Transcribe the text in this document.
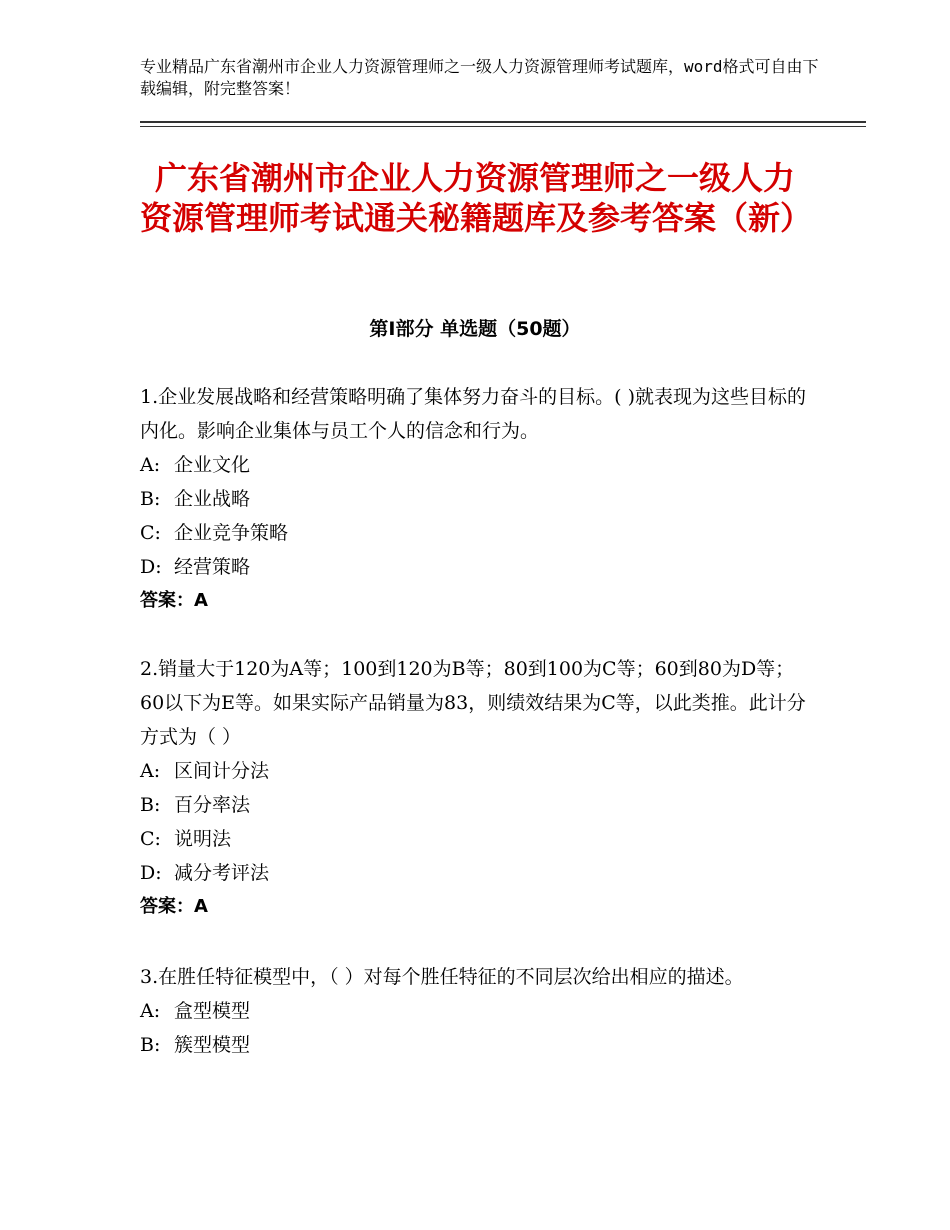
专业精品广东省潮州市企业人力资源管理师之一级人力资源管理师考试题库，word格式可自由下载编辑，附完整答案！
广东省潮州市企业人力资源管理师之一级人力资源管理师考试通关秘籍题库及参考答案（新）
第Ⅰ部分 单选题（50题）
1.企业发展战略和经营策略明确了集体努力奋斗的目标。( )就表现为这些目标的内化。影响企业集体与员工个人的信念和行为。
A: 企业文化
B: 企业战略
C: 企业竞争策略
D: 经营策略
答案：A
2.销量大于120为A等；100到120为B等；80到100为C等；60到80为D等；60以下为E等。如果实际产品销量为83，则绩效结果为C等，以此类推。此计分方式为（ ）
A: 区间计分法
B: 百分率法
C: 说明法
D: 减分考评法
答案：A
3.在胜任特征模型中，（ ）对每个胜任特征的不同层次给出相应的描述。
A: 盒型模型
B: 簇型模型
